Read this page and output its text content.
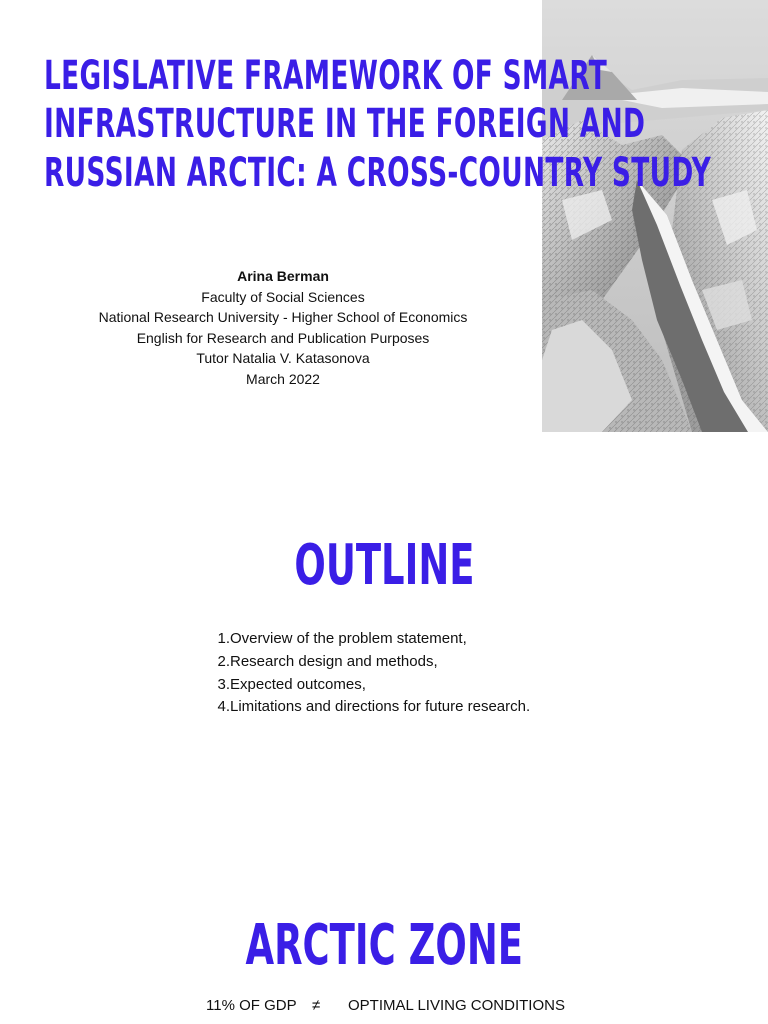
LEGISLATIVE FRAMEWORK OF SMART
INFRASTRUCTURE IN THE FOREIGN AND
RUSSIAN ARCTIC: A CROSS-COUNTRY STUDY
Arina Berman
Faculty of Social Sciences
National Research University - Higher School of Economics
English for Research and Publication Purposes
Tutor Natalia V. Katasonova
March 2022
OUTLINE
1.Overview of the problem statement,
2.Research design and methods,
3.Expected outcomes,
4.Limitations and directions for future research.
ARCTIC ZONE
11% OF GDP ≠ OPTIMAL LIVING CONDITIONS
